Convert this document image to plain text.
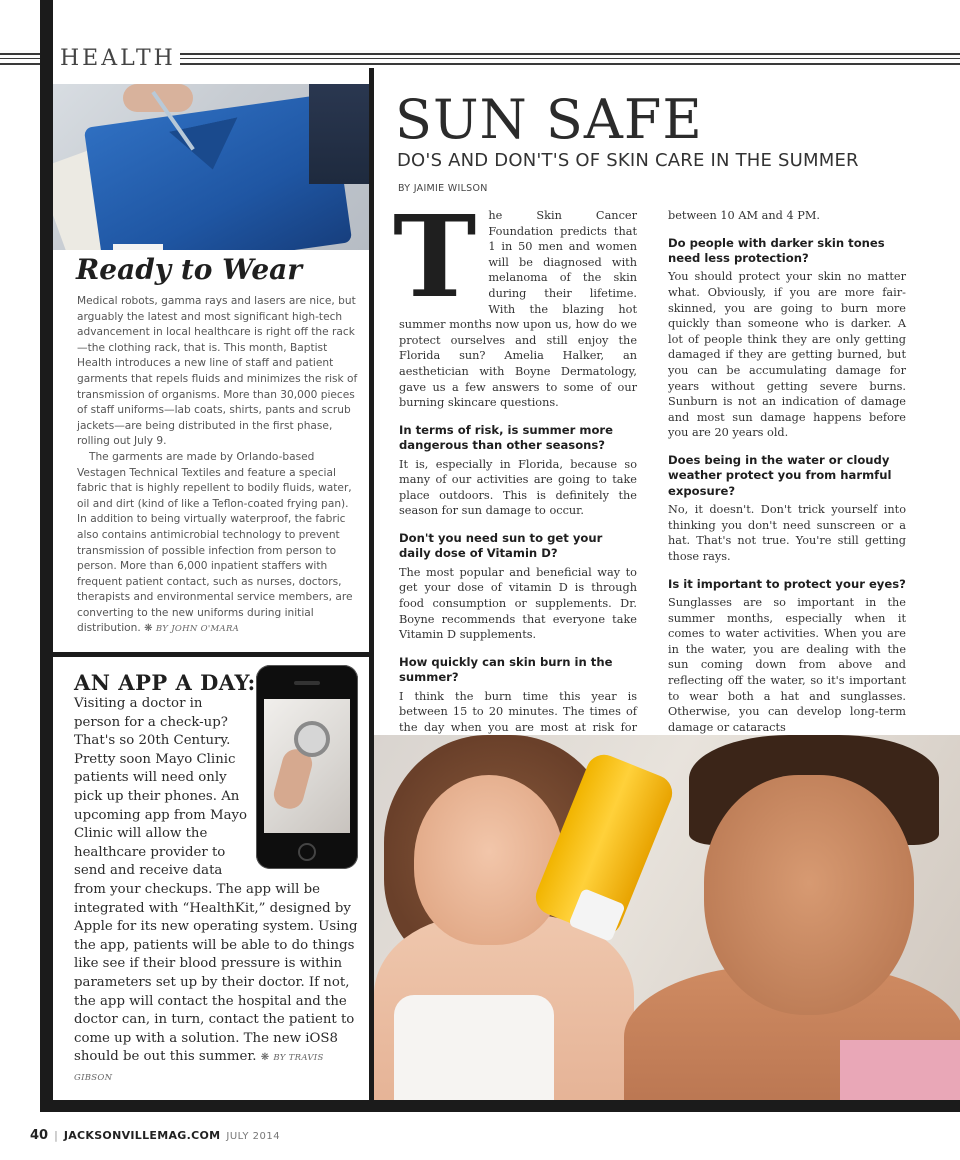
HEALTH
Ready to Wear

Medical robots, gamma rays and lasers are nice, but arguably the latest and most significant high-tech advancement in local healthcare is right off the rack—the clothing rack, that is. This month, Baptist Health introduces a new line of staff and patient garments that repels fluids and minimizes the risk of transmission of organisms. More than 30,000 pieces of staff uniforms—lab coats, shirts, pants and scrub jackets—are being distributed in the first phase, rolling out July 9.

The garments are made by Orlando-based Vestagen Technical Textiles and feature a special fabric that is highly repellent to bodily fluids, water, oil and dirt (kind of like a Teflon-coated frying pan). In addition to being virtually waterproof, the fabric also contains antimicrobial technology to prevent transmission of possible infection from person to person. More than 6,000 inpatient staffers with frequent patient contact, such as nurses, doctors, therapists and environmental service members, are converting to the new uniforms during initial distribution. ❋ BY JOHN O'MARA

AN APP A DAY:
Visiting a doctor in person for a check-up? That's so 20th Century. Pretty soon Mayo Clinic patients will need only pick up their phones. An upcoming app from Mayo Clinic will allow the healthcare provider to send and receive data
from your checkups. The app will be integrated with “HealthKit,” designed by Apple for its new operating system. Using the app, patients will be able to do things like see if their blood pressure is within parameters set up by their doctor. If not, the app will contact the hospital and the doctor can, in turn, contact the patient to come up with a solution. The new iOS8 should be out this summer. ❋ BY TRAVIS GIBSON
SUN SAFE
DO'S AND DON'T'S OF SKIN CARE IN THE SUMMER
BY JAIMIE WILSON

T he Skin Cancer Foundation predicts that 1 in 50 men and women will be diagnosed with melanoma of the skin during their lifetime. With the blazing hot summer months now upon us, how do we protect ourselves and still enjoy the Florida sun? Amelia Halker, an aesthetician with Boyne Dermatology, gave us a few answers to some of our burning skincare questions.

In terms of risk, is summer more dangerous than other seasons?

It is, especially in Florida, because so many of our activities are going to take place outdoors. This is definitely the season for sun damage to occur.

Don't you need sun to get your daily dose of Vitamin D?

The most popular and beneficial way to get your dose of vitamin D is through food consumption or supplements. Dr. Boyne recommends that everyone take Vitamin D supplements.

How quickly can skin burn in the summer?

I think the burn time this year is between 15 to 20 minutes. The times of the day when you are most at risk for

between 10 AM and 4 PM.

Do people with darker skin tones need less protection?

You should protect your skin no matter what. Obviously, if you are more fair-skinned, you are going to burn more quickly than someone who is darker. A lot of people think they are only getting damaged if they are getting burned, but you can be accumulating damage for years without getting severe burns. Sunburn is not an indication of damage and most sun damage happens before you are 20 years old.

Does being in the water or cloudy weather protect you from harmful exposure?

No, it doesn't. Don't trick yourself into thinking you don't need sunscreen or a hat. That's not true. You're still getting those rays.

Is it important to protect your eyes?

Sunglasses are so important in the summer months, especially when it comes to water activities. When you are in the water, you are dealing with the sun coming down from above and reflecting off the water, so it's important to wear both a hat and sunglasses. Otherwise, you can develop long-term damage or cataracts

40 | JACKSONVILLEMAG.COM JULY 2014
